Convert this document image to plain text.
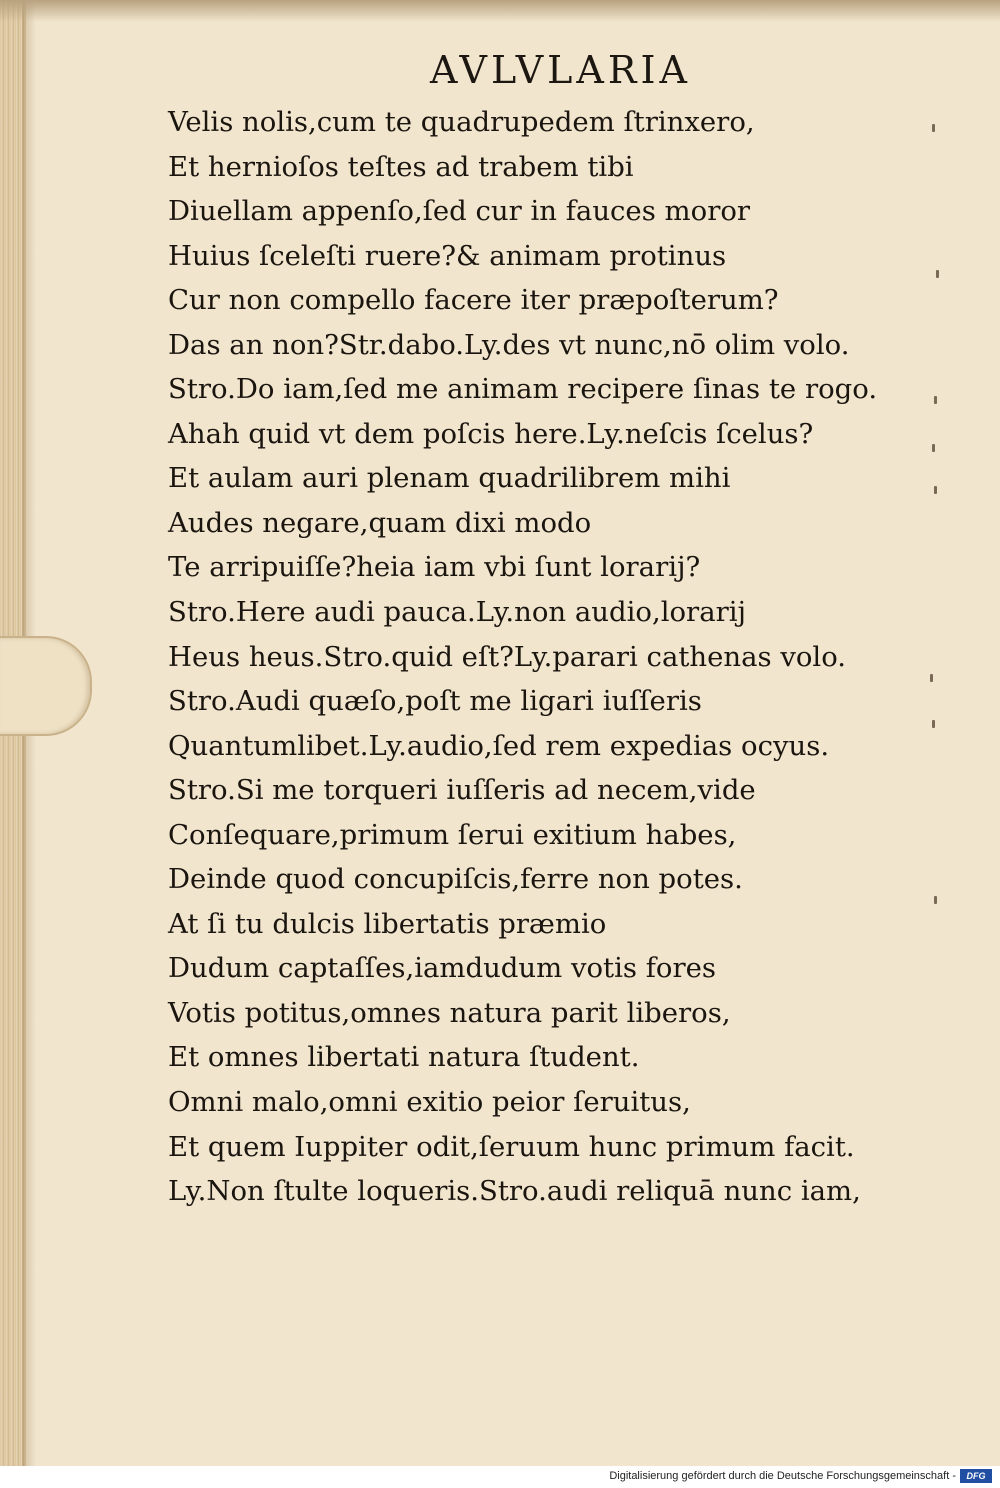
AVLVLARIA
Velis nolis,cum te quadrupedem ſtrinxero,
Et hernioſos teſtes ad trabem tibi
Diuellam appenſo,ſed cur in fauces moror
Huius ſceleſti ruere?& animam protinus
Cur non compello facere iter præpoſterum?
Das an non?Str.dabo.Ly.des vt nunc,nō olim volo.
Stro.Do iam,ſed me animam recipere ſinas te rogo.
Ahah quid vt dem poſcis here.Ly.neſcis ſcelus?
Et aulam auri plenam quadrilibrem mihi
Audes negare,quam dixi modo
Te arripuiſſe?heia iam vbi ſunt lorarij?
Stro.Here audi pauca.Ly.non audio,lorarij
Heus heus.Stro.quid eſt?Ly.parari cathenas volo.
Stro.Audi quæſo,poſt me ligari iuſſeris
Quantumlibet.Ly.audio,ſed rem expedias ocyus.
Stro.Si me torqueri iuſſeris ad necem,vide
Conſequare,primum ſerui exitium habes,
Deinde quod concupiſcis,ferre non potes.
At ſi tu dulcis libertatis præmio
Dudum captaſſes,iamdudum votis fores
Votis potitus,omnes natura parit liberos,
Et omnes libertati natura ſtudent.
Omni malo,omni exitio peior ſeruitus,
Et quem Iuppiter odit,ſeruum hunc primum facit.
Ly.Non ſtulte loqueris.Stro.audi reliquā nunc iam,
Digitalisierung gefördert durch die Deutsche Forschungsgemeinschaft -	DFG
